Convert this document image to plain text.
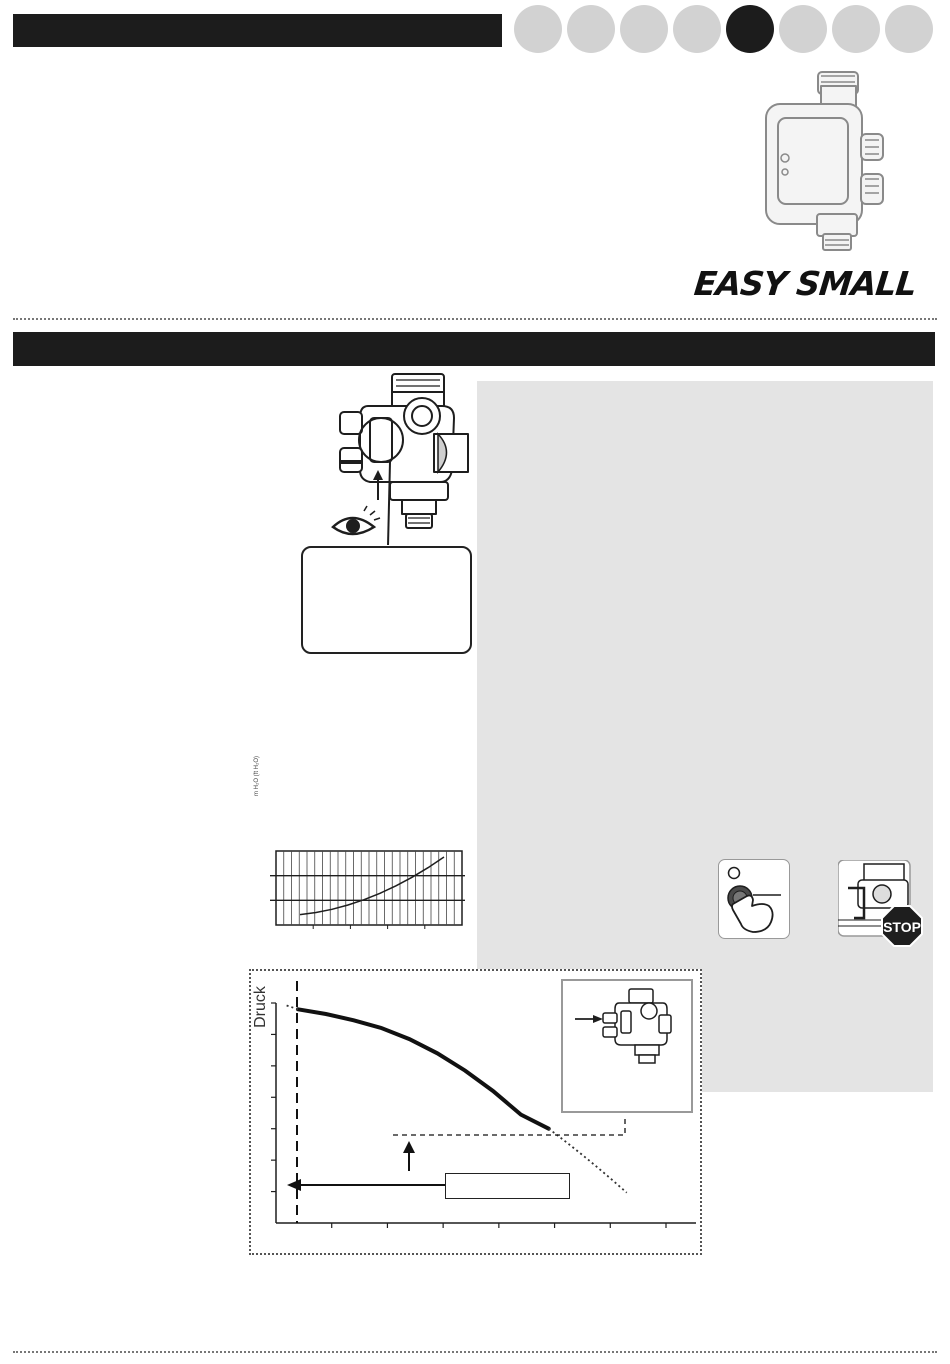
EASY SMALL
m H₂O (ft H₂O)
STOP
Druck
